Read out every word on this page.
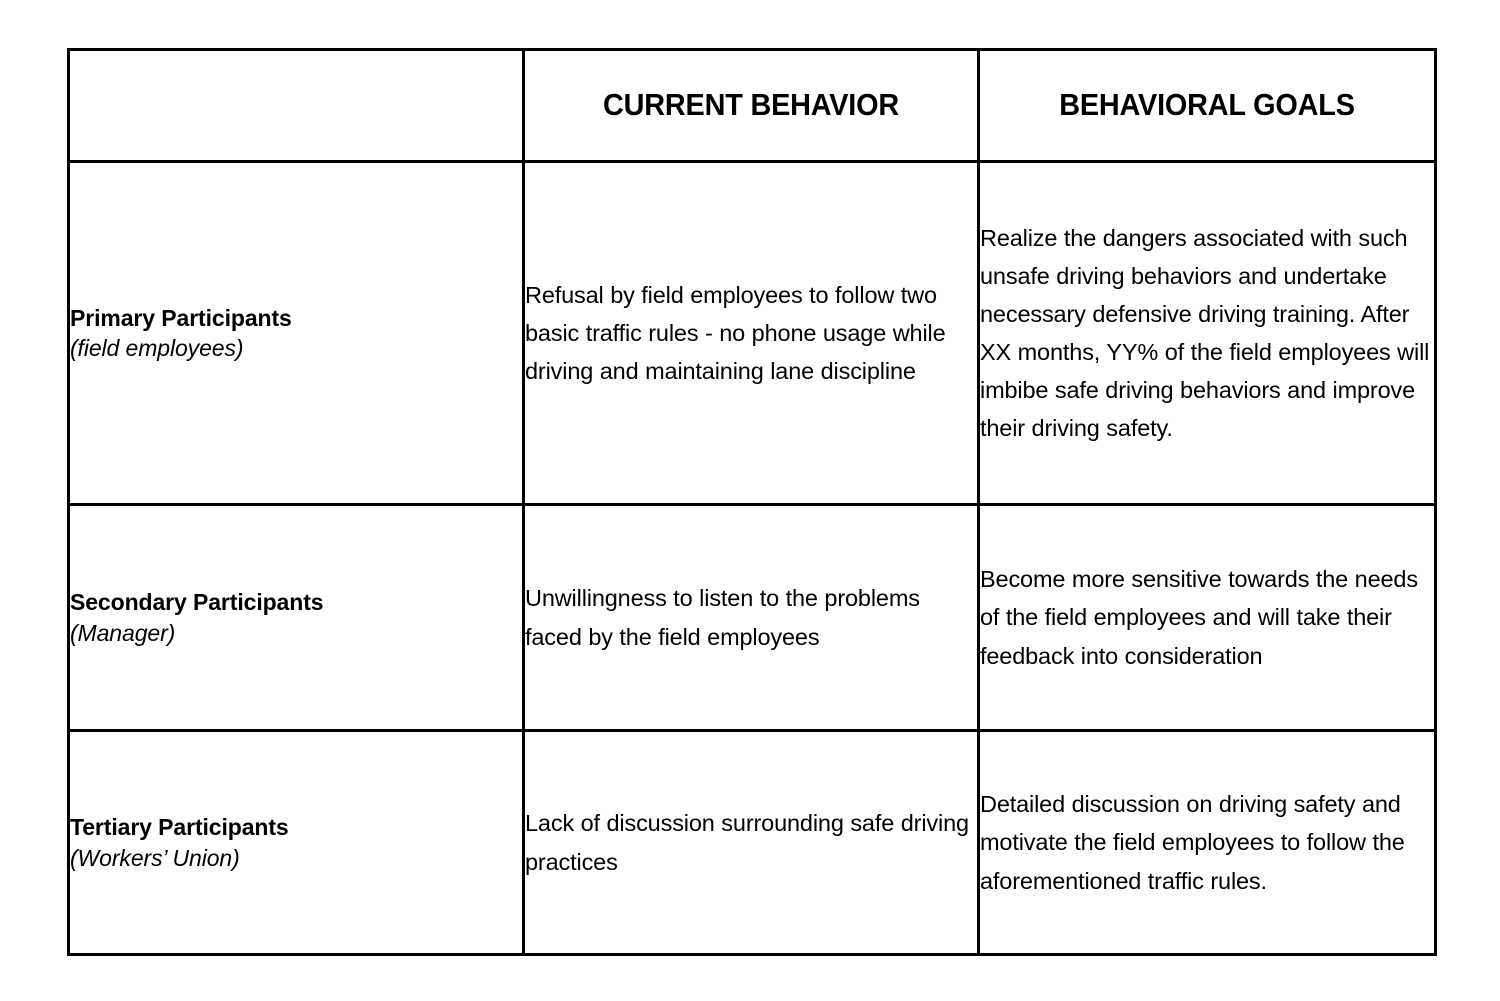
	CURRENT BEHAVIOR	BEHAVIORAL GOALS

Primary Participants
(field employees)	Refusal by field employees to follow two basic traffic rules - no phone usage while driving and maintaining lane discipline	Realize the dangers associated with such unsafe driving behaviors and undertake necessary defensive driving training. After XX months, YY% of the field employees will imbibe safe driving behaviors and improve their driving safety.

Secondary Participants
(Manager)	Unwillingness to listen to the problems faced by the field employees	Become more sensitive towards the needs of the field employees and will take their feedback into consideration

Tertiary Participants
(Workers’ Union)	Lack of discussion surrounding safe driving practices	Detailed discussion on driving safety and motivate the field employees to follow the aforementioned traffic rules.
